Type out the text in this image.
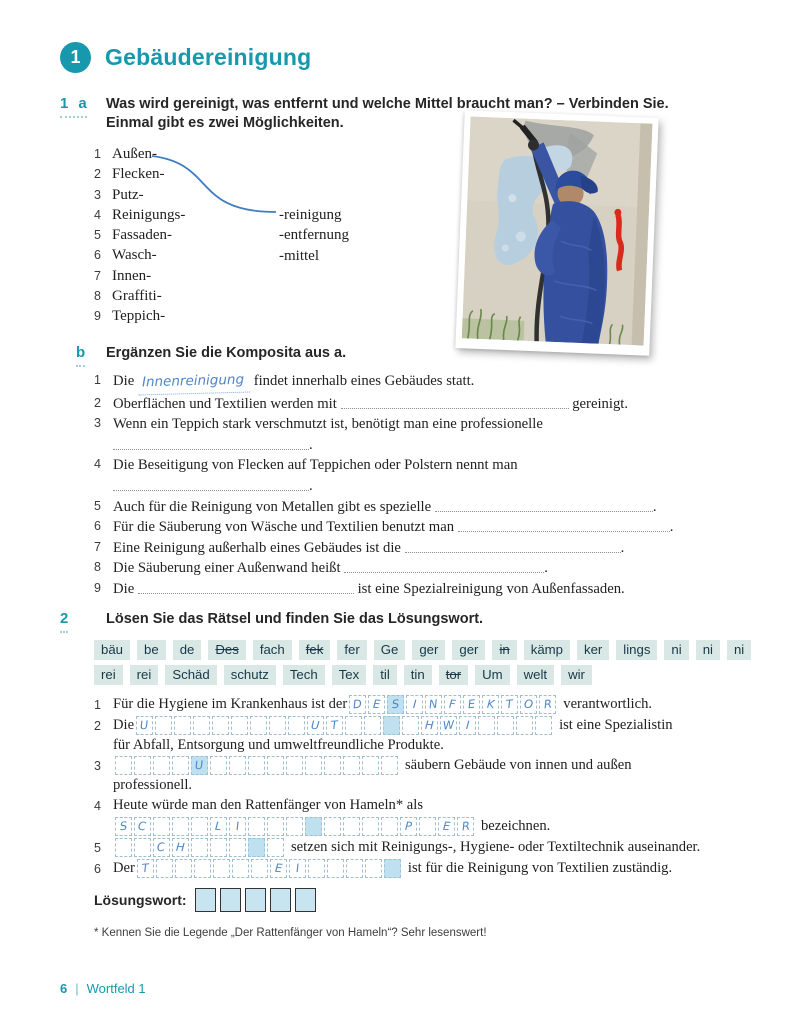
1	Gebäudereinigung
1 a Was wird gereinigt, was entfernt und welche Mittel braucht man? – Verbinden Sie.
Einmal gibt es zwei Möglichkeiten.
1 Außen-
2 Flecken-
3 Putz-
4 Reinigungs-
5 Fassaden-
6 Wasch-
7 Innen-
8 Graffiti-
9 Teppich-
-reinigung
-entfernung
-mittel
b Ergänzen Sie die Komposita aus a.
1 Die Innenreinigung findet innerhalb eines Gebäudes statt.
2 Oberflächen und Textilien werden mit	gereinigt.
3 Wenn ein Teppich stark verschmutzt ist, benötigt man eine professionelle
.
4 Die Beseitigung von Flecken auf Teppichen oder Polstern nennt man
.
5 Auch für die Reinigung von Metallen gibt es spezielle	.
6 Für die Säuberung von Wäsche und Textilien benutzt man	.
7 Eine Reinigung außerhalb eines Gebäudes ist die	.
8 Die Säuberung einer Außenwand heißt	.
9 Die	ist eine Spezialreinigung von Außenfassaden.
2	Lösen Sie das Rätsel und finden Sie das Lösungswort.
bäu	be	de	Des	fach	fek	fer	Ge	ger	ger	in	kämp	ker	lings	ni	ni	ni
rei	rei	Schäd	schutz	Tech	Tex	til	tin	tor	Um	welt	wir
1 Für die Hygiene im Krankenhaus ist der D E S I N F E K T O R verantwortlich.
2 Die U	U T	H W I	ist eine Spezialistin
für Abfall, Entsorgung und umweltfreundliche Produkte.
3	U	säubern Gebäude von innen und außen
professionell.
4 Heute würde man den Rattenfänger von Hameln* als
S C	L I	P	E R bezeichnen.
5	C H	setzen sich mit Reinigungs-, Hygiene- oder Textiltechnik auseinander.
6 Der T	E I	ist für die Reinigung von Textilien zuständig.
Lösungswort:
* Kennen Sie die Legende „Der Rattenfänger von Hameln“? Sehr lesenswert!
6 | Wortfeld 1
